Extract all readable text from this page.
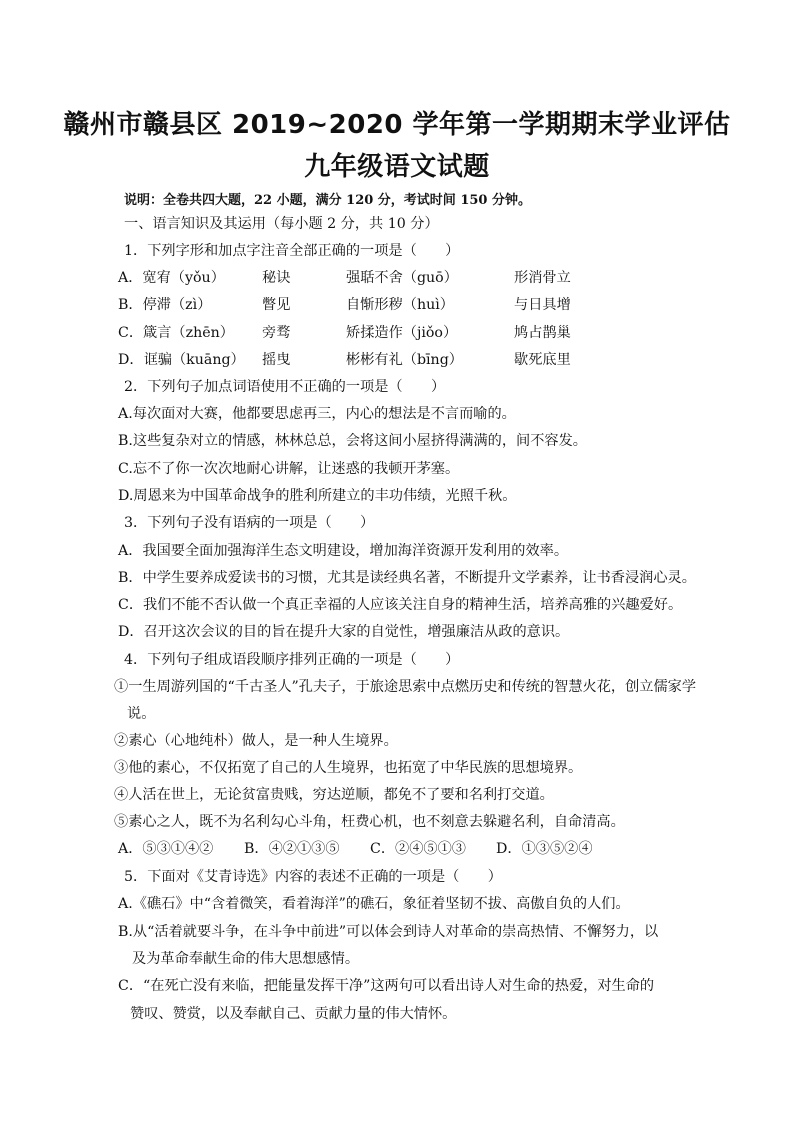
赣州市赣县区 2019~2020 学年第一学期期末学业评估
九年级语文试题
说明：全卷共四大题，22 小题，满分 120 分，考试时间 150 分钟。
一、语言知识及其运用（每小题 2 分，共 10 分）
1．下列字形和加点字注音全部正确的一项是（　　）
A．宽宥（yǒu）	秘诀	强聒不舍（guō）	形消骨立
B．停滞（zì）	瞥见	自惭形秽（huì）	与日具增
C．箴言（zhēn） 旁骛	矫揉造作（jiǒo）	鸠占鹊巢
D．诓骗（kuāng） 摇曳	彬彬有礼（bīng）	歇死底里
2．下列句子加点词语使用不正确的一项是（　　）
A.每次面对大赛，他都要思虑再三，内心的想法是不言而喻的。
B.这些复杂对立的情感，林林总总，会将这间小屋挤得满满的，间不容发。
C.忘不了你一次次地耐心讲解，让迷惑的我顿开茅塞。
D.周恩来为中国革命战争的胜利所建立的丰功伟绩，光照千秋。
3．下列句子没有语病的一项是（　　）
A．我国要全面加强海洋生态文明建设，增加海洋资源开发利用的效率。
B．中学生要养成爱读书的习惯，尤其是读经典名著，不断提升文学素养，让书香浸润心灵。
C．我们不能不否认做一个真正幸福的人应该关注自身的精神生活，培养高雅的兴趣爱好。
D．召开这次会议的目的旨在提升大家的自觉性，增强廉洁从政的意识。
4．下列句子组成语段顺序排列正确的一项是（　　）
①一生周游列国的“千古圣人”孔夫子，于旅途思索中点燃历史和传统的智慧火花，创立儒家学
说。
②素心（心地纯朴）做人，是一种人生境界。
③他的素心，不仅拓宽了自己的人生境界，也拓宽了中华民族的思想境界。
④人活在世上，无论贫富贵贱，穷达逆顺，都免不了要和名利打交道。
⑤素心之人，既不为名利勾心斗角，枉费心机，也不刻意去躲避名利，自命清高。
A．⑤③①④② B．④②①③⑤ C．②④⑤①③ D．①③⑤②④
5．下面对《艾青诗选》内容的表述不正确的一项是（　　）
A.《礁石》中“含着微笑，看着海洋”的礁石，象征着坚韧不拔、高傲自负的人们。
B.从“活着就要斗争，在斗争中前进”可以体会到诗人对革命的崇高热情、不懈努力，以
及为革命奉献生命的伟大思想感情。
C．“在死亡没有来临，把能量发挥干净”这两句可以看出诗人对生命的热爱，对生命的
赞叹、赞赏，以及奉献自己、贡献力量的伟大情怀。
